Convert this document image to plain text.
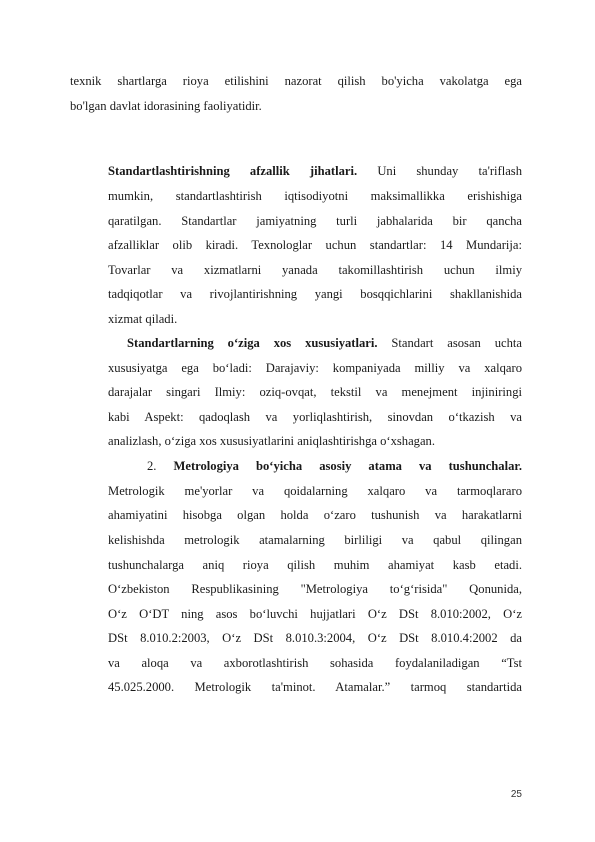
texnik shartlarga rioya etilishini nazorat qilish bo'yicha vakolatga ega
bo'lgan davlat idorasining faoliyatidir.
Standartlashtirishning afzallik jihatlari. Uni shunday ta'riflash
mumkin, standartlashtirish iqtisodiyotni maksimallikka erishishiga
qaratilgan. Standartlar jamiyatning turli jabhalarida bir qancha
afzalliklar olib kiradi. Texnologlar uchun standartlar: 14 Mundarija:
Tovarlar va xizmatlarni yanada takomillashtirish uchun ilmiy
tadqiqotlar va rivojlantirishning yangi bosqqichlarini shakllanishida
xizmat qiladi.
Standartlarning o‘ziga xos xususiyatlari. Standart asosan uchta
xususiyatga ega bo‘ladi: Darajaviy: kompaniyada milliy va xalqaro
darajalar singari Ilmiy: oziq-ovqat, tekstil va menejment injiniringi
kabi Aspekt: qadoqlash va yorliqlashtirish, sinovdan o‘tkazish va
analizlash, o‘ziga xos xususiyatlarini aniqlashtirishga o‘xshagan.
2. Metrologiya bo‘yicha asosiy atama va tushunchalar.
Metrologik me'yorlar va qoidalarning xalqaro va tarmoqlararo
ahamiyatini hisobga olgan holda o‘zaro tushunish va harakatlarni
kelishishda metrologik atamalarning birliligi va qabul qilingan
tushunchalarga aniq rioya qilish muhim ahamiyat kasb etadi.
O‘zbekiston Respublikasining "Metrologiya to‘g‘risida" Qonunida,
O‘z O‘DT ning asos bo‘luvchi hujjatlari O‘z DSt 8.010:2002, O‘z
DSt 8.010.2:2003, O‘z DSt 8.010.3:2004, O‘z DSt 8.010.4:2002 da
va aloqa va axborotlashtirish sohasida foydalaniladigan “Tst
45.025.2000. Metrologik ta'minot. Atamalar.” tarmoq standartida
25
